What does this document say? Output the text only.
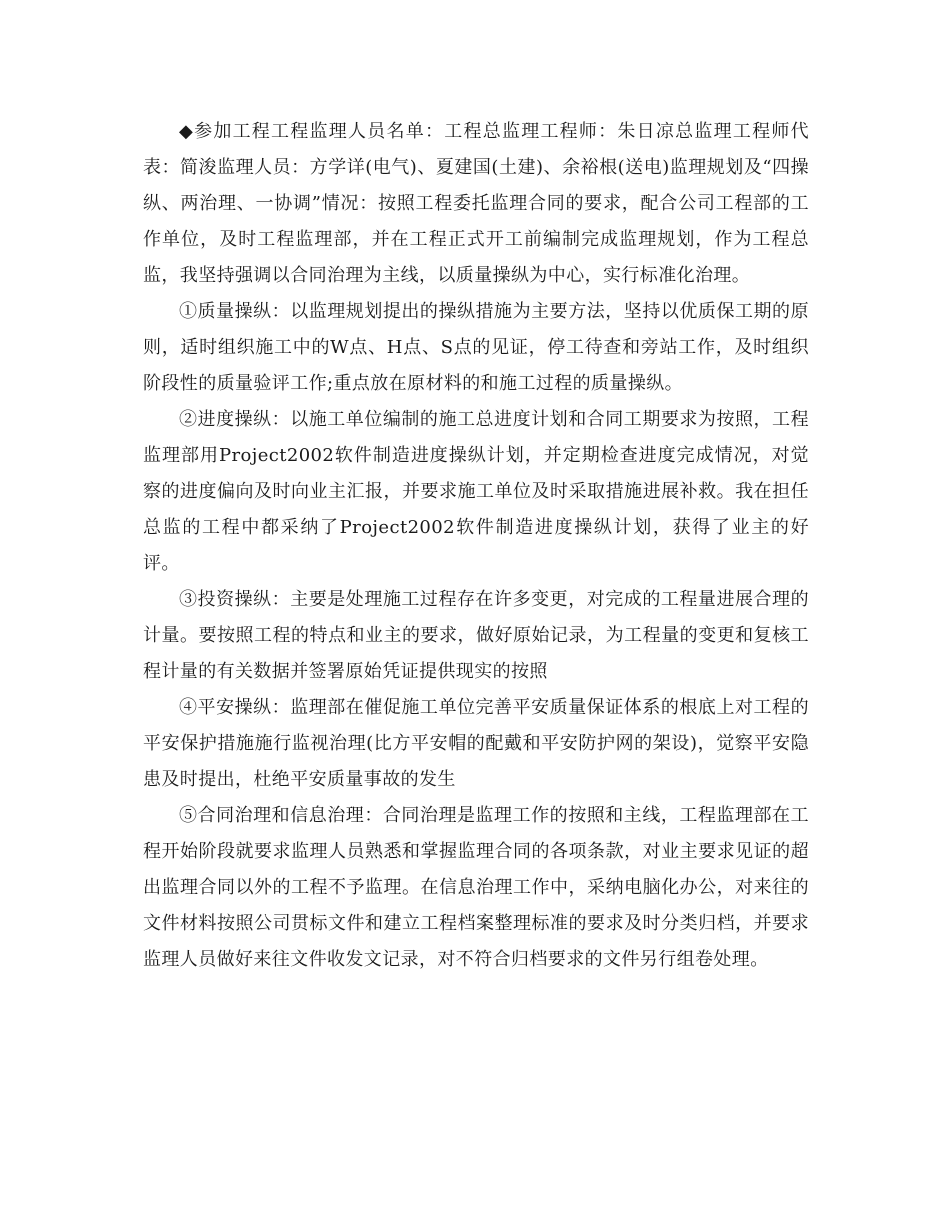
◆参加工程工程监理人员名单：工程总监理工程师：朱日凉总监理工程师代表：简浚监理人员：方学详(电气)、夏建国(土建)、余裕根(送电)监理规划及“四操纵、两治理、一协调”情况：按照工程委托监理合同的要求，配合公司工程部的工作单位，及时工程监理部，并在工程正式开工前编制完成监理规划，作为工程总监，我坚持强调以合同治理为主线，以质量操纵为中心，实行标准化治理。

①质量操纵：以监理规划提出的操纵措施为主要方法，坚持以优质保工期的原则，适时组织施工中的W点、H点、S点的见证，停工待查和旁站工作，及时组织阶段性的质量验评工作;重点放在原材料的和施工过程的质量操纵。

②进度操纵：以施工单位编制的施工总进度计划和合同工期要求为按照，工程监理部用Project2002软件制造进度操纵计划，并定期检查进度完成情况，对觉察的进度偏向及时向业主汇报，并要求施工单位及时采取措施进展补救。我在担任总监的工程中都采纳了Project2002软件制造进度操纵计划，获得了业主的好评。

③投资操纵：主要是处理施工过程存在许多变更，对完成的工程量进展合理的计量。要按照工程的特点和业主的要求，做好原始记录，为工程量的变更和复核工程计量的有关数据并签署原始凭证提供现实的按照

④平安操纵：监理部在催促施工单位完善平安质量保证体系的根底上对工程的平安保护措施施行监视治理(比方平安帽的配戴和平安防护网的架设)，觉察平安隐患及时提出，杜绝平安质量事故的发生

⑤合同治理和信息治理：合同治理是监理工作的按照和主线，工程监理部在工程开始阶段就要求监理人员熟悉和掌握监理合同的各项条款，对业主要求见证的超出监理合同以外的工程不予监理。在信息治理工作中，采纳电脑化办公，对来往的文件材料按照公司贯标文件和建立工程档案整理标准的要求及时分类归档，并要求监理人员做好来往文件收发文记录，对不符合归档要求的文件另行组卷处理。
